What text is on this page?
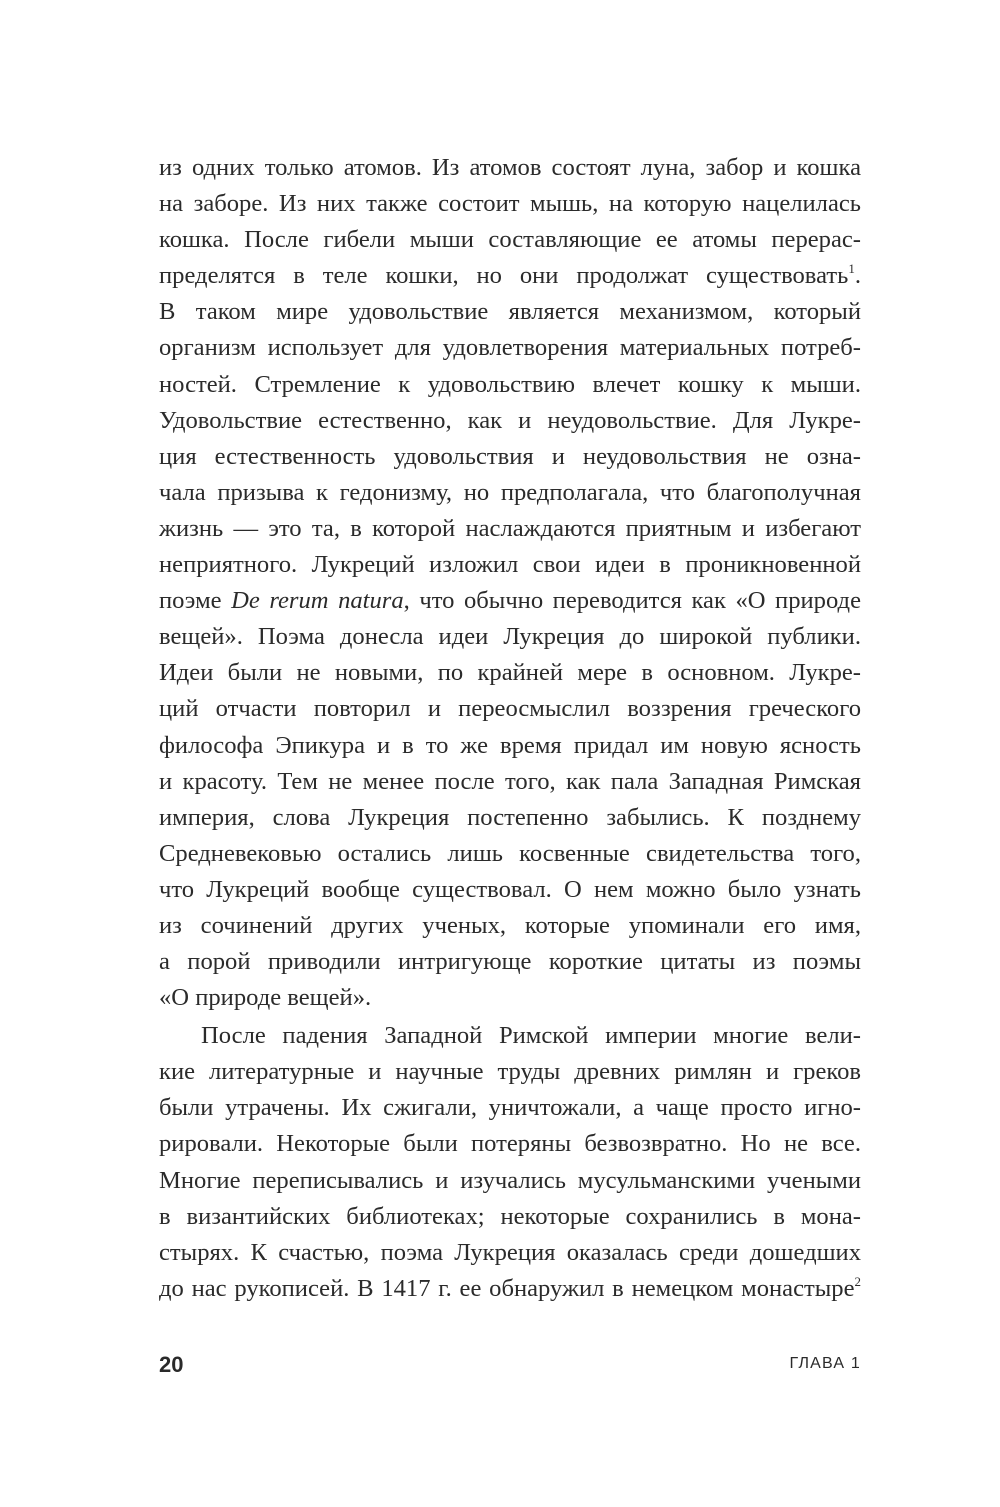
из одних только атомов. Из атомов состоят луна, забор и кошка
на заборе. Из них также состоит мышь, на которую нацелилась
кошка. После гибели мыши составляющие ее атомы перерас-
пределятся в теле кошки, но они продолжат существовать$^1$.
В таком мире удовольствие является механизмом, который
организм использует для удовлетворения материальных потреб-
ностей. Стремление к удовольствию влечет кошку к мыши.
Удовольствие естественно, как и неудовольствие. Для Лукре-
ция естественность удовольствия и неудовольствия не озна-
чала призыва к гедонизму, но предполагала, что благополучная
жизнь — это та, в которой наслаждаются приятным и избегают
неприятного. Лукреций изложил свои идеи в проникновенной
поэме De rerum natura, что обычно переводится как «О природе
вещей». Поэма донесла идеи Лукреция до широкой публики.
Идеи были не новыми, по крайней мере в основном. Лукре-
ций отчасти повторил и переосмыслил воззрения греческого
философа Эпикура и в то же время придал им новую ясность
и красоту. Тем не менее после того, как пала Западная Римская
империя, слова Лукреция постепенно забылись. К позднему
Средневековью остались лишь косвенные свидетельства того,
что Лукреций вообще существовал. О нем можно было узнать
из сочинений других ученых, которые упоминали его имя,
а порой приводили интригующе короткие цитаты из поэмы
«О природе вещей».
После падения Западной Римской империи многие вели-
кие литературные и научные труды древних римлян и греков
были утрачены. Их сжигали, уничтожали, а чаще просто игно-
рировали. Некоторые были потеряны безвозвратно. Но не все.
Многие переписывались и изучались мусульманскими учеными
в византийских библиотеках; некоторые сохранились в мона-
стырях. К счастью, поэма Лукреция оказалась среди дошедших
до нас рукописей. В 1417 г. ее обнаружил в немецком монастыре$^2$
20	ГЛАВА 1
